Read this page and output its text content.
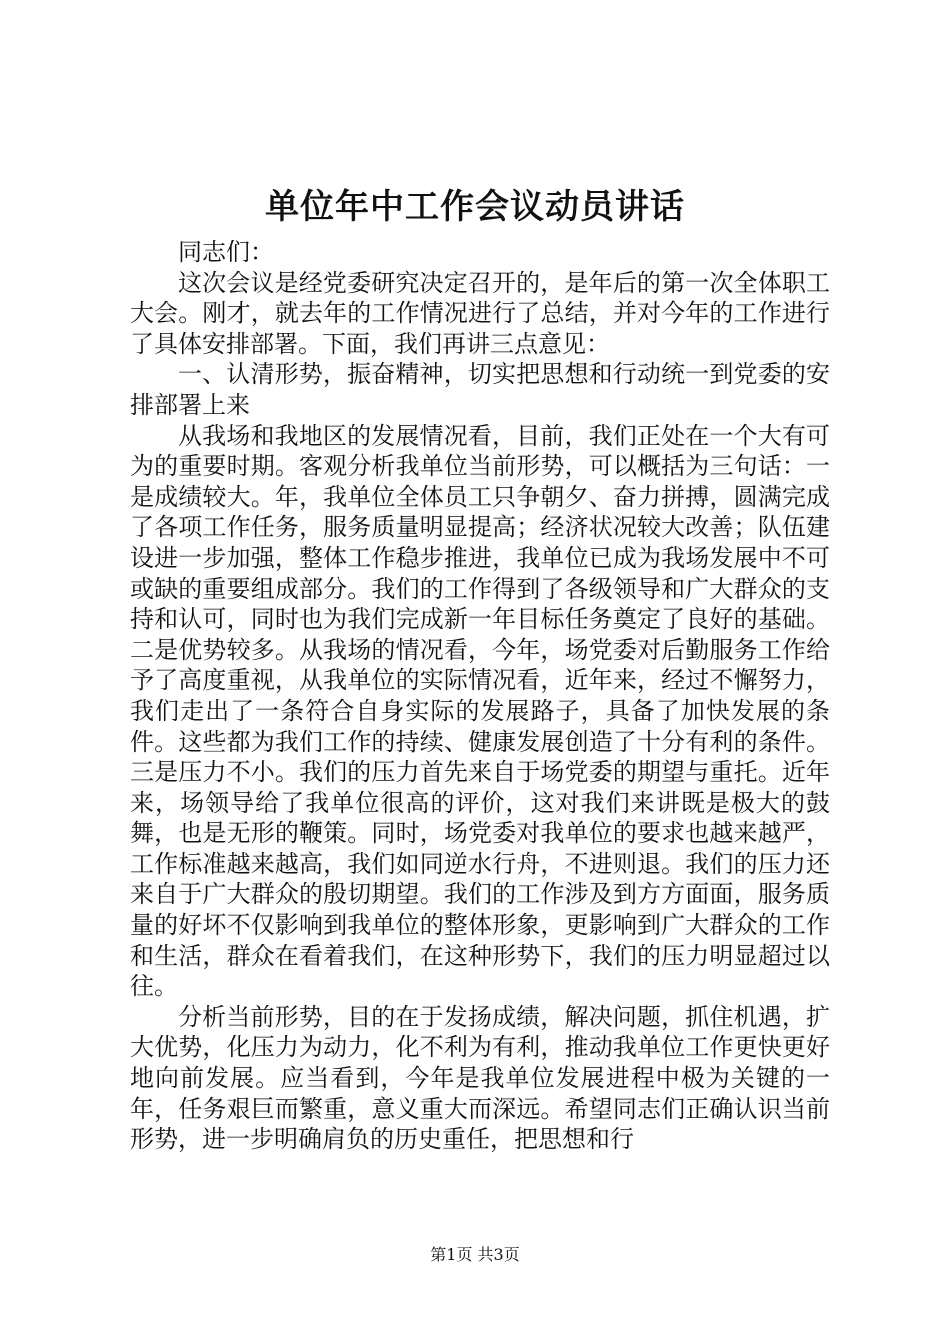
单位年中工作会议动员讲话

同志们：

这次会议是经党委研究决定召开的，是年后的第一次全体职工大会。刚才，就去年的工作情况进行了总结，并对今年的工作进行了具体安排部署。下面，我们再讲三点意见：

一、认清形势，振奋精神，切实把思想和行动统一到党委的安排部署上来

从我场和我地区的发展情况看，目前，我们正处在一个大有可为的重要时期。客观分析我单位当前形势，可以概括为三句话：一是成绩较大。年，我单位全体员工只争朝夕、奋力拼搏，圆满完成了各项工作任务，服务质量明显提高；经济状况较大改善；队伍建设进一步加强，整体工作稳步推进，我单位已成为我场发展中不可或缺的重要组成部分。我们的工作得到了各级领导和广大群众的支持和认可，同时也为我们完成新一年目标任务奠定了良好的基础。二是优势较多。从我场的情况看，今年，场党委对后勤服务工作给予了高度重视，从我单位的实际情况看，近年来，经过不懈努力，我们走出了一条符合自身实际的发展路子，具备了加快发展的条件。这些都为我们工作的持续、健康发展创造了十分有利的条件。三是压力不小。我们的压力首先来自于场党委的期望与重托。近年来，场领导给了我单位很高的评价，这对我们来讲既是极大的鼓舞，也是无形的鞭策。同时，场党委对我单位的要求也越来越严，工作标准越来越高，我们如同逆水行舟，不进则退。我们的压力还来自于广大群众的殷切期望。我们的工作涉及到方方面面，服务质量的好坏不仅影响到我单位的整体形象，更影响到广大群众的工作和生活，群众在看着我们，在这种形势下，我们的压力明显超过以往。

分析当前形势，目的在于发扬成绩，解决问题，抓住机遇，扩大优势，化压力为动力，化不利为有利，推动我单位工作更快更好地向前发展。应当看到，今年是我单位发展进程中极为关键的一年，任务艰巨而繁重，意义重大而深远。希望同志们正确认识当前形势，进一步明确肩负的历史重任，把思想和行

第1页 共3页
